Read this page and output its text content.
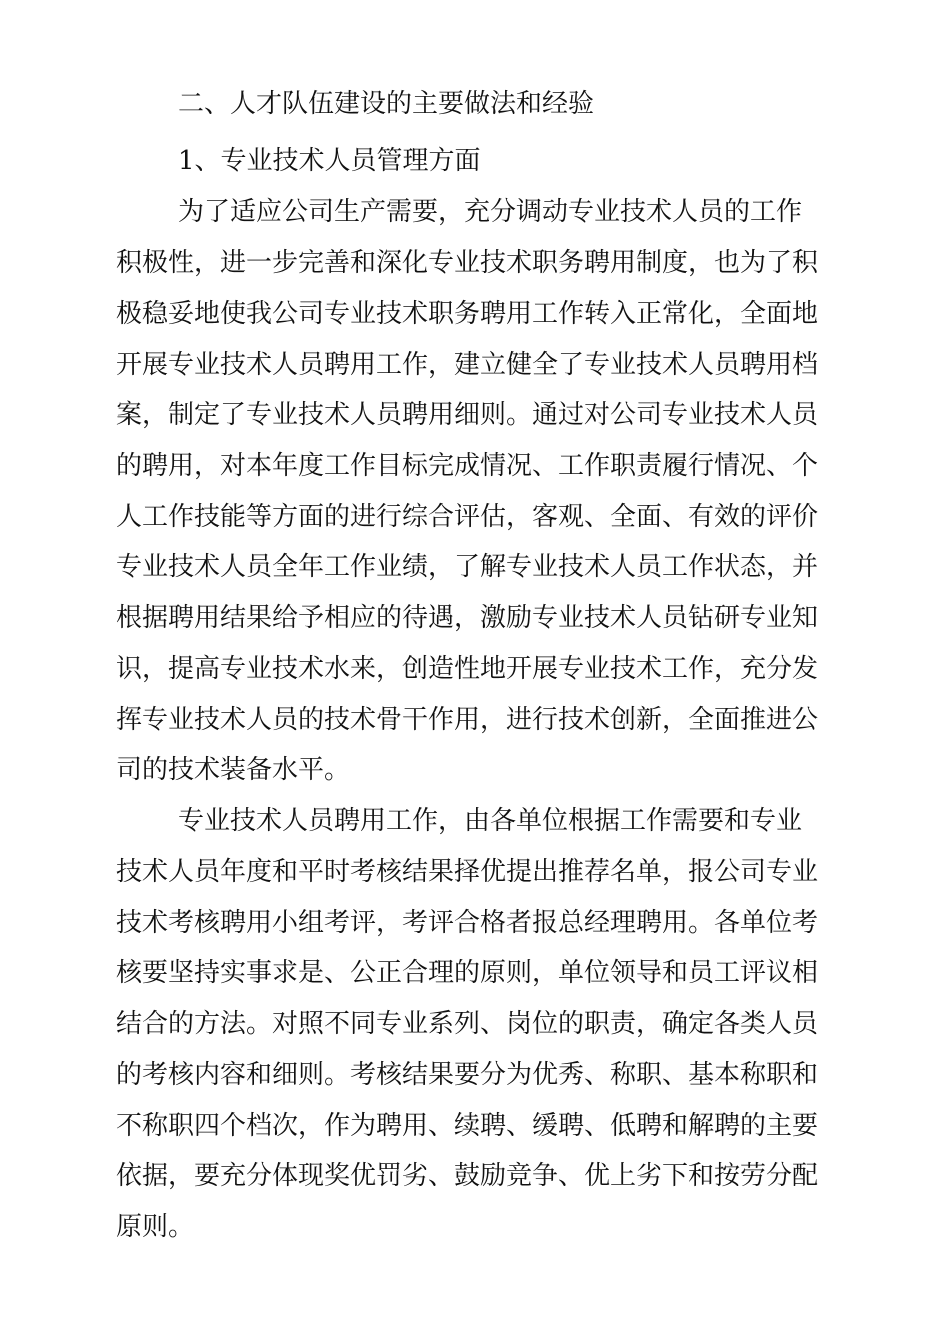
二、人才队伍建设的主要做法和经验

1、专业技术人员管理方面

为了适应公司生产需要，充分调动专业技术人员的工作

积极性，进一步完善和深化专业技术职务聘用制度，也为了积

极稳妥地使我公司专业技术职务聘用工作转入正常化，全面地

开展专业技术人员聘用工作，建立健全了专业技术人员聘用档

案，制定了专业技术人员聘用细则。通过对公司专业技术人员

的聘用，对本年度工作目标完成情况、工作职责履行情况、个

人工作技能等方面的进行综合评估，客观、全面、有效的评价

专业技术人员全年工作业绩，了解专业技术人员工作状态，并

根据聘用结果给予相应的待遇，激励专业技术人员钻研专业知

识，提高专业技术水来，创造性地开展专业技术工作，充分发

挥专业技术人员的技术骨干作用，进行技术创新，全面推进公

司的技术装备水平。

专业技术人员聘用工作，由各单位根据工作需要和专业

技术人员年度和平时考核结果择优提出推荐名单，报公司专业

技术考核聘用小组考评，考评合格者报总经理聘用。各单位考

核要坚持实事求是、公正合理的原则，单位领导和员工评议相

结合的方法。对照不同专业系列、岗位的职责，确定各类人员

的考核内容和细则。考核结果要分为优秀、称职、基本称职和

不称职四个档次，作为聘用、续聘、缓聘、低聘和解聘的主要

依据，要充分体现奖优罚劣、鼓励竞争、优上劣下和按劳分配

原则。
